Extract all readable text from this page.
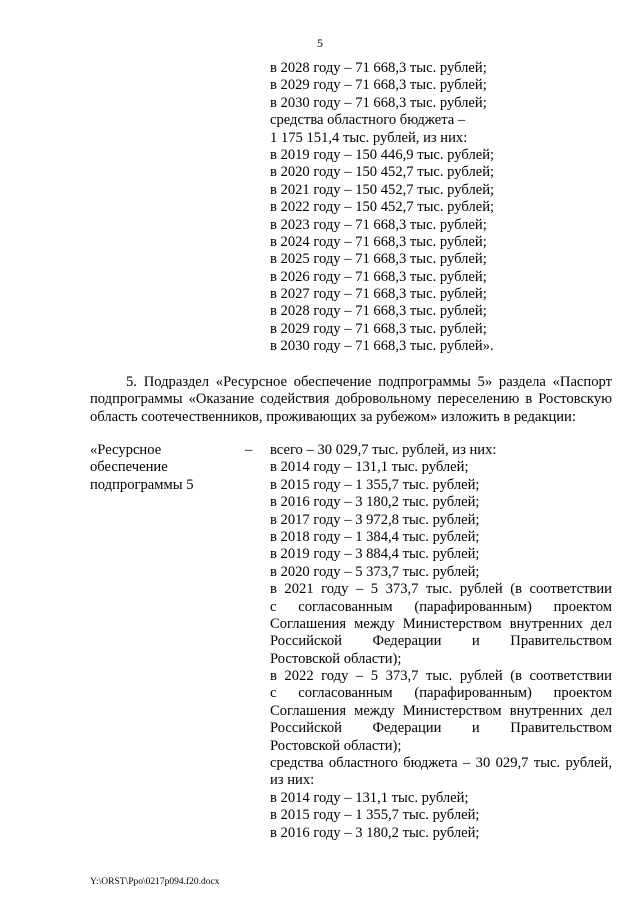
5
в 2028 году – 71 668,3 тыс. рублей;
в 2029 году – 71 668,3 тыс. рублей;
в 2030 году – 71 668,3 тыс. рублей;
средства областного бюджета –
1 175 151,4 тыс. рублей, из них:
в 2019 году – 150 446,9 тыс. рублей;
в 2020 году – 150 452,7 тыс. рублей;
в 2021 году – 150 452,7 тыс. рублей;
в 2022 году – 150 452,7 тыс. рублей;
в 2023 году – 71 668,3 тыс. рублей;
в 2024 году – 71 668,3 тыс. рублей;
в 2025 году – 71 668,3 тыс. рублей;
в 2026 году – 71 668,3 тыс. рублей;
в 2027 году – 71 668,3 тыс. рублей;
в 2028 году – 71 668,3 тыс. рублей;
в 2029 году – 71 668,3 тыс. рублей;
в 2030 году – 71 668,3 тыс. рублей».
5. Подраздел «Ресурсное обеспечение подпрограммы 5» раздела «Паспорт
подпрограммы «Оказание содействия добровольному переселению в Ростовскую
область соотечественников, проживающих за рубежом» изложить в редакции:
«Ресурсное
обеспечение
подпрограммы 5
– всего – 30 029,7 тыс. рублей, из них:
в 2014 году – 131,1 тыс. рублей;
в 2015 году – 1 355,7 тыс. рублей;
в 2016 году – 3 180,2 тыс. рублей;
в 2017 году – 3 972,8 тыс. рублей;
в 2018 году – 1 384,4 тыс. рублей;
в 2019 году – 3 884,4 тыс. рублей;
в 2020 году – 5 373,7 тыс. рублей;
в 2021 году – 5 373,7 тыс. рублей (в соответствии
с согласованным (парафированным) проектом
Соглашения между Министерством внутренних дел
Российской Федерации и Правительством
Ростовской области);
в 2022 году – 5 373,7 тыс. рублей (в соответствии
с согласованным (парафированным) проектом
Соглашения между Министерством внутренних дел
Российской Федерации и Правительством
Ростовской области);
средства областного бюджета – 30 029,7 тыс. рублей,
из них:
в 2014 году – 131,1 тыс. рублей;
в 2015 году – 1 355,7 тыс. рублей;
в 2016 году – 3 180,2 тыс. рублей;
Y:\ORST\Ppo\0217p094.f20.docx
